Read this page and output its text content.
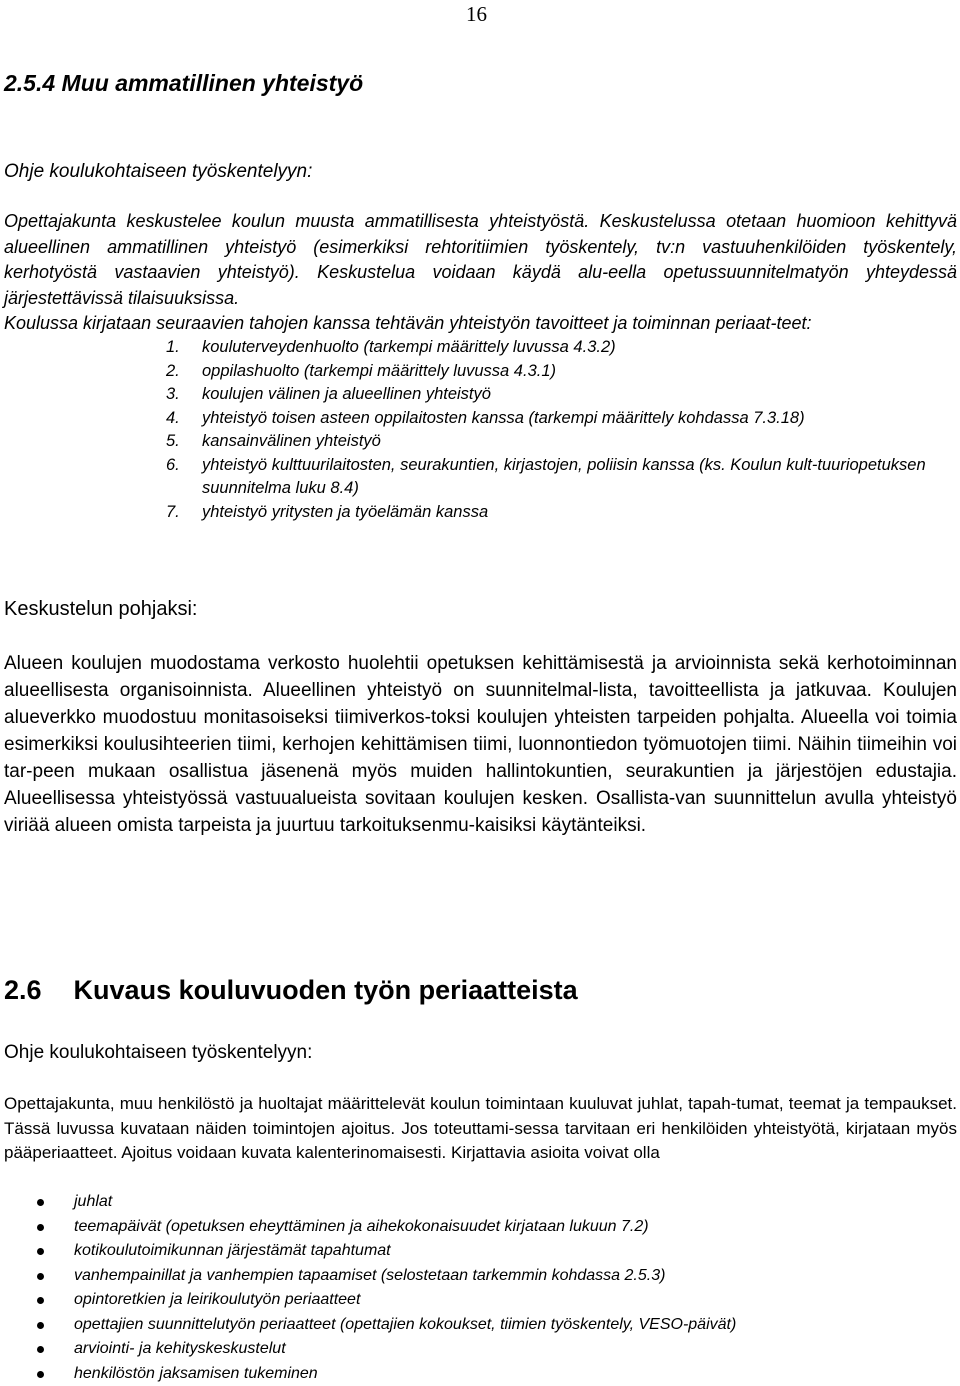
16
2.5.4 Muu ammatillinen yhteistyö
Ohje koulukohtaiseen työskentelyyn:

Opettajakunta keskustelee koulun muusta ammatillisesta yhteistyöstä. Keskustelussa otetaan huomioon kehittyvä alueellinen ammatillinen yhteistyö (esimerkiksi rehtoritiimien työskentely, tv:n vastuuhenkilöiden työskentely, kerhotyöstä vastaavien yhteistyö). Keskustelua voidaan käydä alu-eella opetussuunnitelmatyön yhteydessä järjestettävissä tilaisuuksissa.

Koulussa kirjataan seuraavien tahojen kanssa tehtävän yhteistyön tavoitteet ja toiminnan periaat-teet:

1. kouluterveydenhuolto (tarkempi määrittely luvussa 4.3.2)
2. oppilashuolto (tarkempi määrittely luvussa 4.3.1)
3. koulujen välinen ja alueellinen yhteistyö
4. yhteistyö toisen asteen oppilaitosten kanssa (tarkempi määrittely kohdassa 7.3.18)
5. kansainvälinen yhteistyö
6. yhteistyö kulttuurilaitosten, seurakuntien, kirjastojen, poliisin kanssa (ks. Koulun kult-tuuriopetuksen suunnitelma luku 8.4)
7. yhteistyö yritysten ja työelämän kanssa
Keskustelun pohjaksi:
Alueen koulujen muodostama verkosto huolehtii opetuksen kehittämisestä ja arvioinnista sekä kerhotoiminnan alueellisesta organisoinnista. Alueellinen yhteistyö on suunnitelmal-lista, tavoitteellista ja jatkuvaa. Koulujen alueverkko muodostuu monitasoiseksi tiimiverkos-toksi koulujen yhteisten tarpeiden pohjalta. Alueella voi toimia esimerkiksi koulusihteerien tiimi, kerhojen kehittämisen tiimi, luonnontiedon työmuotojen tiimi. Näihin tiimeihin voi tar-peen mukaan osallistua jäsenenä myös muiden hallintokuntien, seurakuntien ja järjestöjen edustajia. Alueellisessa yhteistyössä vastuualueista sovitaan koulujen kesken. Osallista-van suunnittelun avulla yhteistyö viriää alueen omista tarpeista ja juurtuu tarkoituksenmu-kaisiksi käytänteiksi.
2.6 Kuvaus kouluvuoden työn periaatteista
Ohje koulukohtaiseen työskentelyyn:
Opettajakunta, muu henkilöstö ja huoltajat määrittelevät koulun toimintaan kuuluvat juhlat, tapah-tumat, teemat ja tempaukset. Tässä luvussa kuvataan näiden toimintojen ajoitus. Jos toteuttami-sessa tarvitaan eri henkilöiden yhteistyötä, kirjataan myös pääperiaatteet. Ajoitus voidaan kuvata kalenterinomaisesti. Kirjattavia asioita voivat olla
juhlat
teemapäivät (opetuksen eheyttäminen ja aihekokonaisuudet kirjataan lukuun 7.2)
kotikoulutoimikunnan järjestämät tapahtumat
vanhempainillat ja vanhempien tapaamiset (selostetaan tarkemmin kohdassa 2.5.3)
opintoretkien ja leirikoulutyön periaatteet
opettajien suunnittelutyön periaatteet (opettajien kokoukset, tiimien työskentely, VESO-päivät)
arviointi- ja kehityskeskustelut
henkilöstön jaksamisen tukeminen
